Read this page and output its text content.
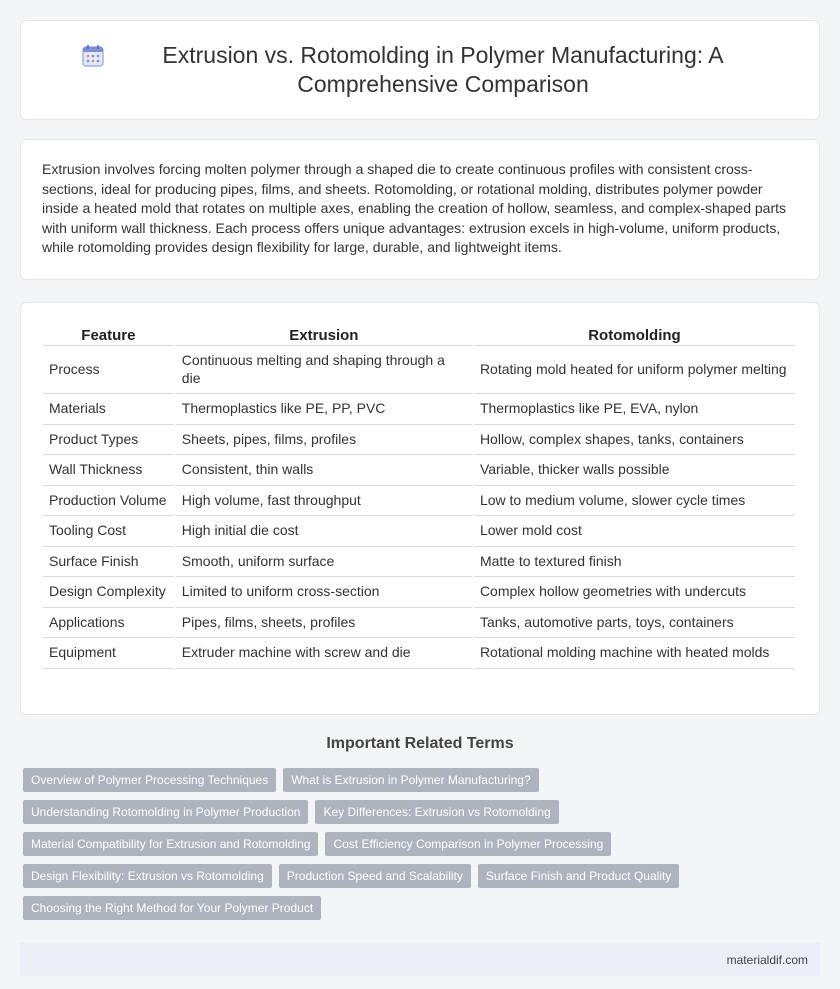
Extrusion vs. Rotomolding in Polymer Manufacturing: A Comprehensive Comparison

Extrusion involves forcing molten polymer through a shaped die to create continuous profiles with consistent cross-sections, ideal for producing pipes, films, and sheets. Rotomolding, or rotational molding, distributes polymer powder inside a heated mold that rotates on multiple axes, enabling the creation of hollow, seamless, and complex-shaped parts with uniform wall thickness. Each process offers unique advantages: extrusion excels in high-volume, uniform products, while rotomolding provides design flexibility for large, durable, and lightweight items.

Feature	Extrusion	Rotomolding
Process	Continuous melting and shaping through a die	Rotating mold heated for uniform polymer melting
Materials	Thermoplastics like PE, PP, PVC	Thermoplastics like PE, EVA, nylon
Product Types	Sheets, pipes, films, profiles	Hollow, complex shapes, tanks, containers
Wall Thickness	Consistent, thin walls	Variable, thicker walls possible
Production Volume	High volume, fast throughput	Low to medium volume, slower cycle times
Tooling Cost	High initial die cost	Lower mold cost
Surface Finish	Smooth, uniform surface	Matte to textured finish
Design Complexity	Limited to uniform cross-section	Complex hollow geometries with undercuts
Applications	Pipes, films, sheets, profiles	Tanks, automotive parts, toys, containers
Equipment	Extruder machine with screw and die	Rotational molding machine with heated molds
Important Related Terms
Overview of Polymer Processing Techniques	What is Extrusion in Polymer Manufacturing?
Understanding Rotomolding in Polymer Production	Key Differences: Extrusion vs Rotomolding
Material Compatibility for Extrusion and Rotomolding	Cost Efficiency Comparison in Polymer Processing
Design Flexibility: Extrusion vs Rotomolding	Production Speed and Scalability	Surface Finish and Product Quality
Choosing the Right Method for Your Polymer Product
materialdif.com
